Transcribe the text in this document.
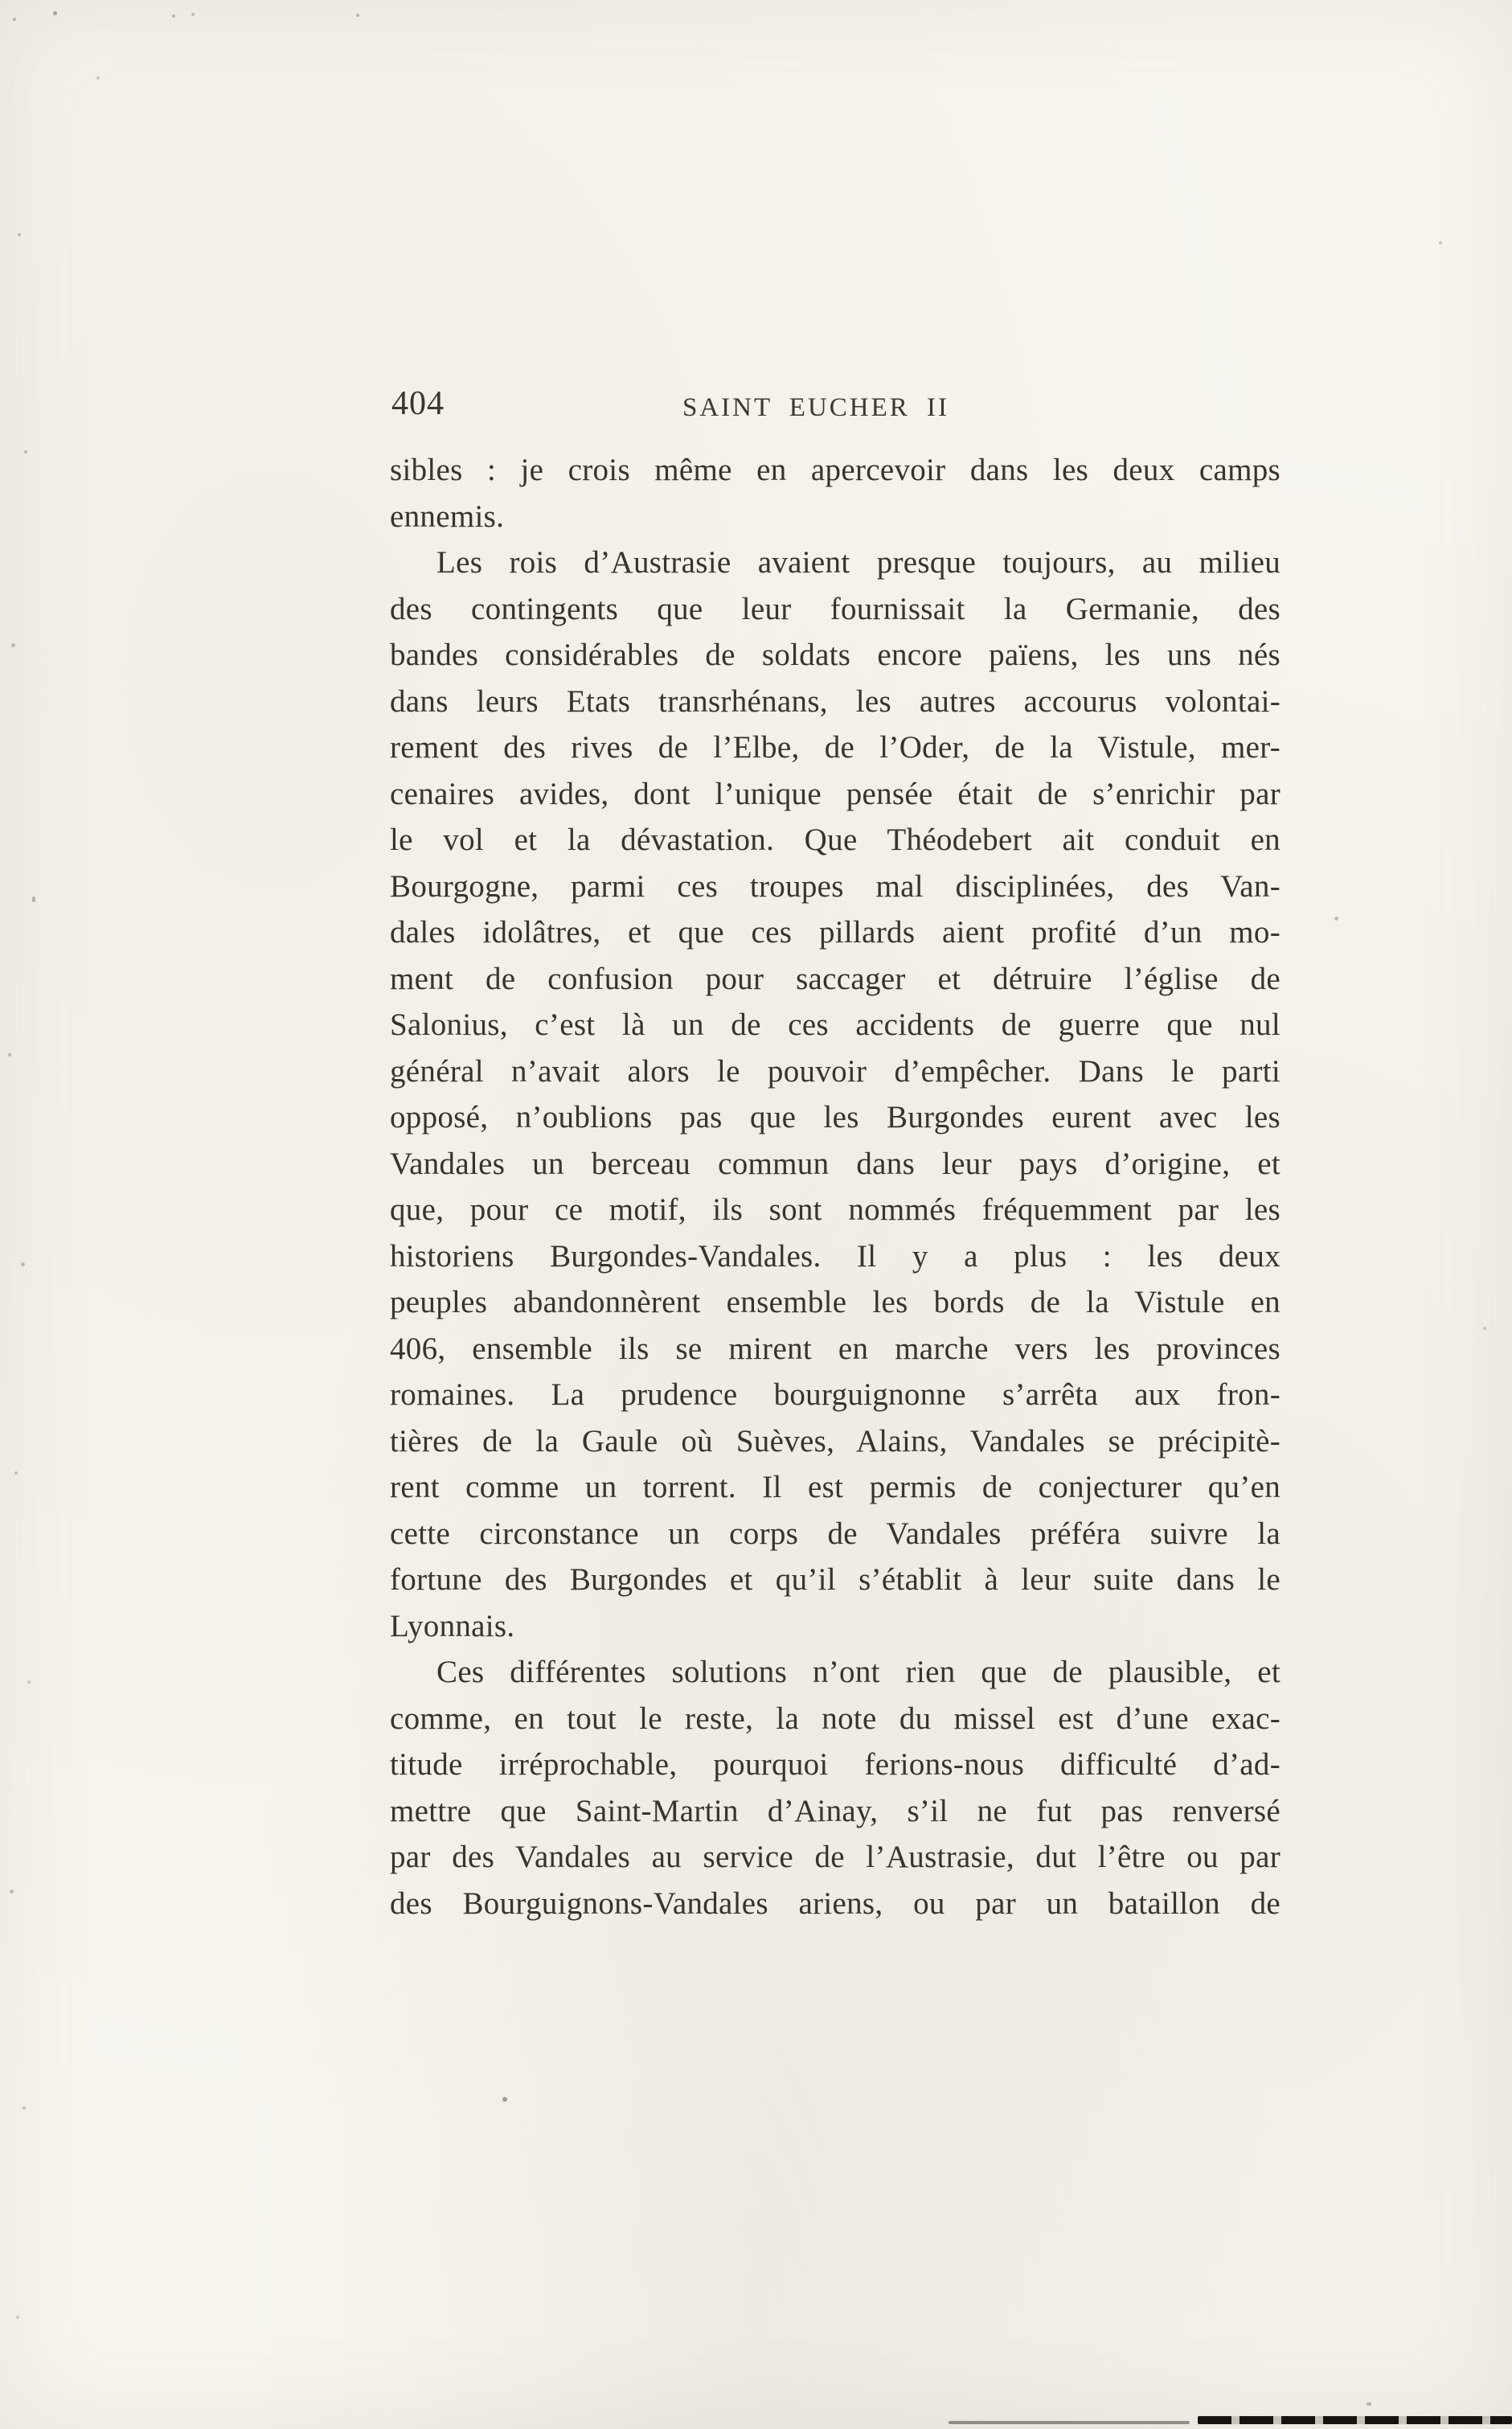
404	SAINT EUCHER II
sibles : je crois même en apercevoir dans les deux camps
ennemis.
Les rois d’Austrasie avaient presque toujours, au milieu
des contingents que leur fournissait la Germanie, des
bandes considérables de soldats encore païens, les uns nés
dans leurs Etats transrhénans, les autres accourus volontai-
rement des rives de l’Elbe, de l’Oder, de la Vistule, mer-
cenaires avides, dont l’unique pensée était de s’enrichir par
le vol et la dévastation. Que Théodebert ait conduit en
Bourgogne, parmi ces troupes mal disciplinées, des Van-
dales idolâtres, et que ces pillards aient profité d’un mo-
ment de confusion pour saccager et détruire l’église de
Salonius, c’est là un de ces accidents de guerre que nul
général n’avait alors le pouvoir d’empêcher. Dans le parti
opposé, n’oublions pas que les Burgondes eurent avec les
Vandales un berceau commun dans leur pays d’origine, et
que, pour ce motif, ils sont nommés fréquemment par les
historiens Burgondes-Vandales. Il y a plus : les deux
peuples abandonnèrent ensemble les bords de la Vistule en
406, ensemble ils se mirent en marche vers les provinces
romaines. La prudence bourguignonne s’arrêta aux fron-
tières de la Gaule où Suèves, Alains, Vandales se précipitè-
rent comme un torrent. Il est permis de conjecturer qu’en
cette circonstance un corps de Vandales préféra suivre la
fortune des Burgondes et qu’il s’établit à leur suite dans le
Lyonnais.
Ces différentes solutions n’ont rien que de plausible, et
comme, en tout le reste, la note du missel est d’une exac-
titude irréprochable, pourquoi ferions-nous difficulté d’ad-
mettre que Saint-Martin d’Ainay, s’il ne fut pas renversé
par des Vandales au service de l’Austrasie, dut l’être ou par
des Bourguignons-Vandales ariens, ou par un bataillon de
